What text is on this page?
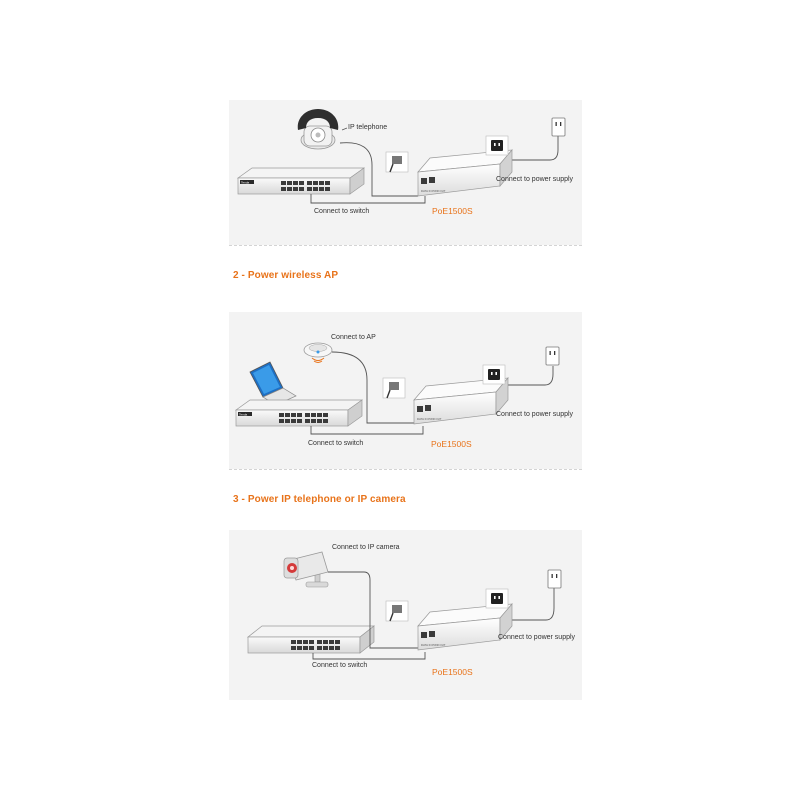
Tenda
DATA IN PWR OUT
Tenda
DATA IN PWR OUT
DATA IN PWR OUT
IP telephone
Connect to power supply
Connect to switch	PoE1500S
2 - Power wireless AP
Connect to AP
Connect to power supply
Connect to switch	PoE1500S
3 - Power IP telephone or IP camera
Connect to IP camera
Connect to power supply
Connect to switch
PoE1500S
